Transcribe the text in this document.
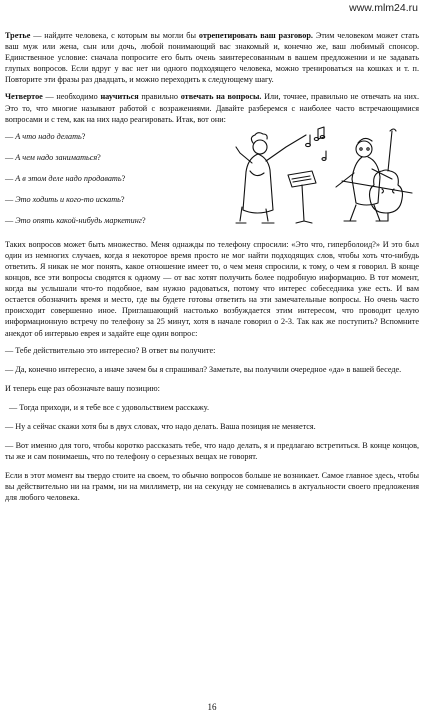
www.mlm24.ru

Третье — найдите человека, с которым вы могли бы отрепетировать ваш разговор. Этим человеком может стать ваш муж или жена, сын или дочь, любой понимающий вас знакомый и, конечно же, ваш любимый спонсор. Единственное условие: сначала попросите его быть очень заинтересованным в вашем предложении и не задавать глупых вопросов. Если вдруг у вас нет ни одного подходящего человека, можно тренироваться на кошках и т. п. Повторите эти фразы раз двадцать, и можно переходить к следующему шагу.

Четвертое — необходимо научиться правильно отвечать на вопросы. Или, точнее, правильно не отвечать на них. Это то, что многие называют работой с возражениями. Давайте разберемся с наиболее часто встречающимися вопросами и с тем, как на них надо реагировать. Итак, вот они:

— А что надо делать?
— А чем надо заниматься?
— А в этом деле надо продавать?
— Это ходить и кого-то искать?
— Это опять какой-нибудь маркетинг?

Таких вопросов может быть множество. Меня однажды по телефону спросили: «Это что, гиперболоид?» И это был один из немногих случаев, когда я некоторое время просто не мог найти подходящих слов, чтобы хоть что-нибудь ответить. Я никак не мог понять, какое отношение имеет то, о чем меня спросили, к тому, о чем я говорил. В конце концов, все эти вопросы сводятся к одному — от вас хотят получить более подробную информацию. В тот момент, когда вы услышали что-то подобное, вам нужно радоваться, потому что интерес собеседника уже есть. И вам остается обозначить время и место, где вы будете готовы ответить на эти замечательные вопросы. Но очень часто происходит совершенно иное. Приглашающий настолько возбуждается этим интересом, что проводит целую информационную встречу по телефону за 25 минут, хотя в начале говорил о 2-3. Так как же поступить? Вспомните анекдот об интервью еврея и задайте еще один вопрос:

— Тебе действительно это интересно? В ответ вы получите:

— Да, конечно интересно, а иначе зачем бы я спрашивал? Заметьте, вы получили очередное «да» в вашей беседе.

И теперь еще раз обозначьте вашу позицию:

— Тогда приходи, и я тебе все с удовольствием расскажу.

— Ну а сейчас скажи хотя бы в двух словах, что надо делать. Ваша позиция не меняется.

— Вот именно для того, чтобы коротко рассказать тебе, что надо делать, я и предлагаю встретиться. В конце концов, ты же и сам понимаешь, что по телефону о серьезных вещах не говорят.

Если в этот момент вы твердо стоите на своем, то обычно вопросов больше не возникает. Самое главное здесь, чтобы вы действительно ни на грамм, ни на миллиметр, ни на секунду не сомневались в актуальности своего предложения для любого человека.

16
